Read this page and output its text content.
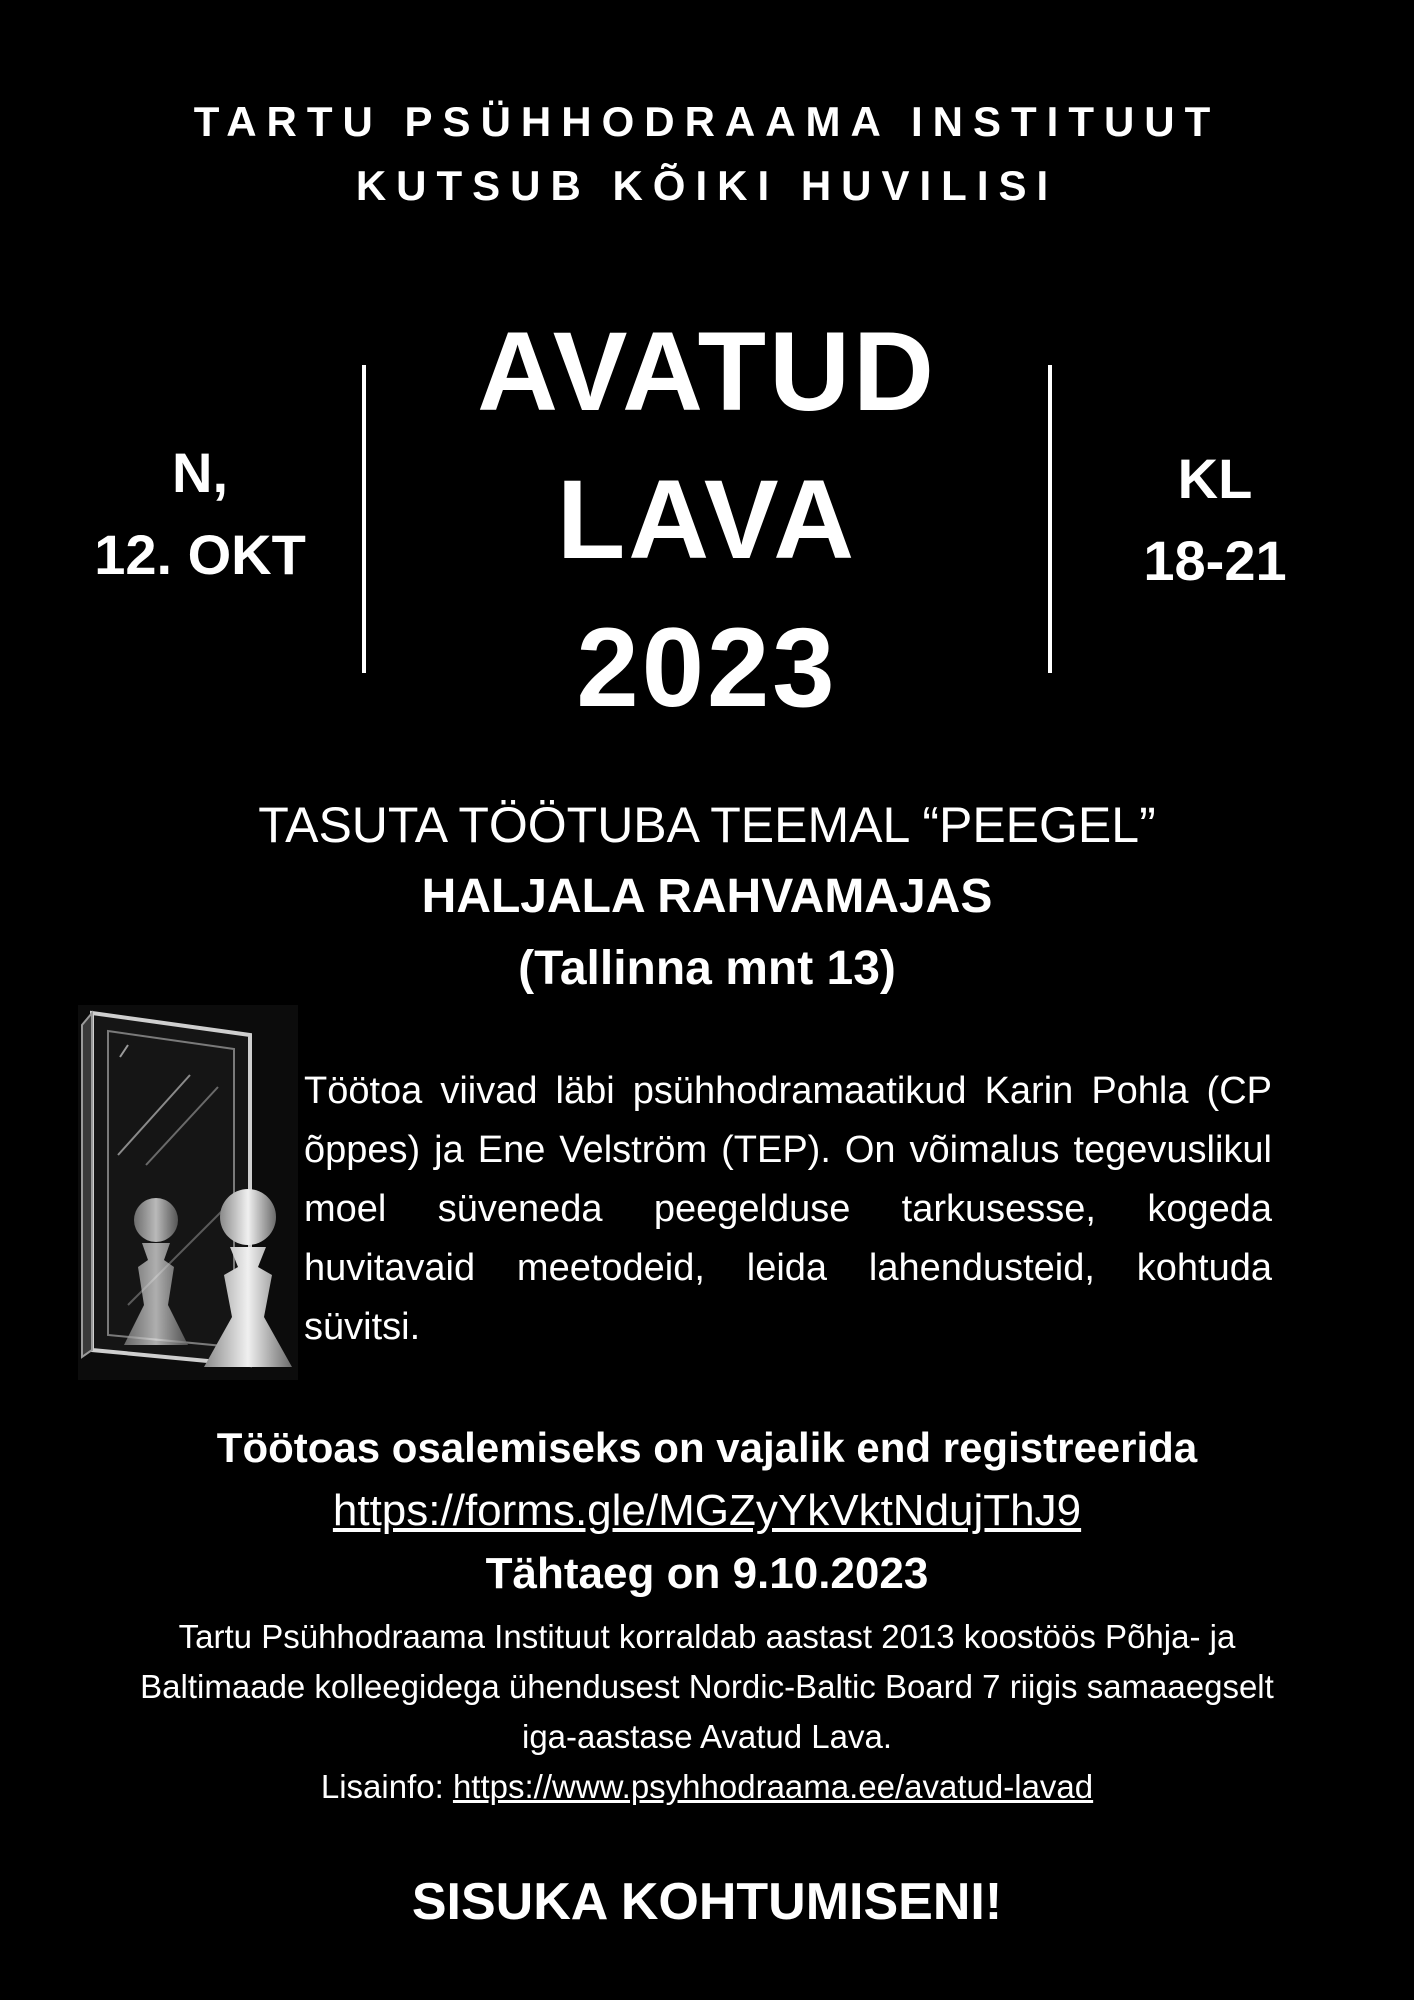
TARTU PSÜHHODRAAMA INSTITUUT
KUTSUB KÕIKI HUVILISI
N,
12. OKT
AVATUD
LAVA
2023
KL
18-21
TASUTA TÖÖTUBA TEEMAL “PEEGEL”
HALJALA RAHVAMAJAS
(Tallinna mnt 13)
Töötoa viivad läbi psühhodramaatikud Karin Pohla (CP õppes) ja Ene Velström (TEP). On võimalus tegevuslikul moel süveneda peegelduse tarkusesse, kogeda huvitavaid meetodeid, leida lahendusteid, kohtuda süvitsi.
Töötoas osalemiseks on vajalik end registreerida
https://forms.gle/MGZyYkVktNdujThJ9
Tähtaeg on 9.10.2023
Tartu Psühhodraama Instituut korraldab aastast 2013 koostöös Põhja- ja Baltimaade kolleegidega ühendusest Nordic-Baltic Board 7 riigis samaaegselt iga-aastase Avatud Lava.
Lisainfo: https://www.psyhhodraama.ee/avatud-lavad
SISUKA KOHTUMISENI!
